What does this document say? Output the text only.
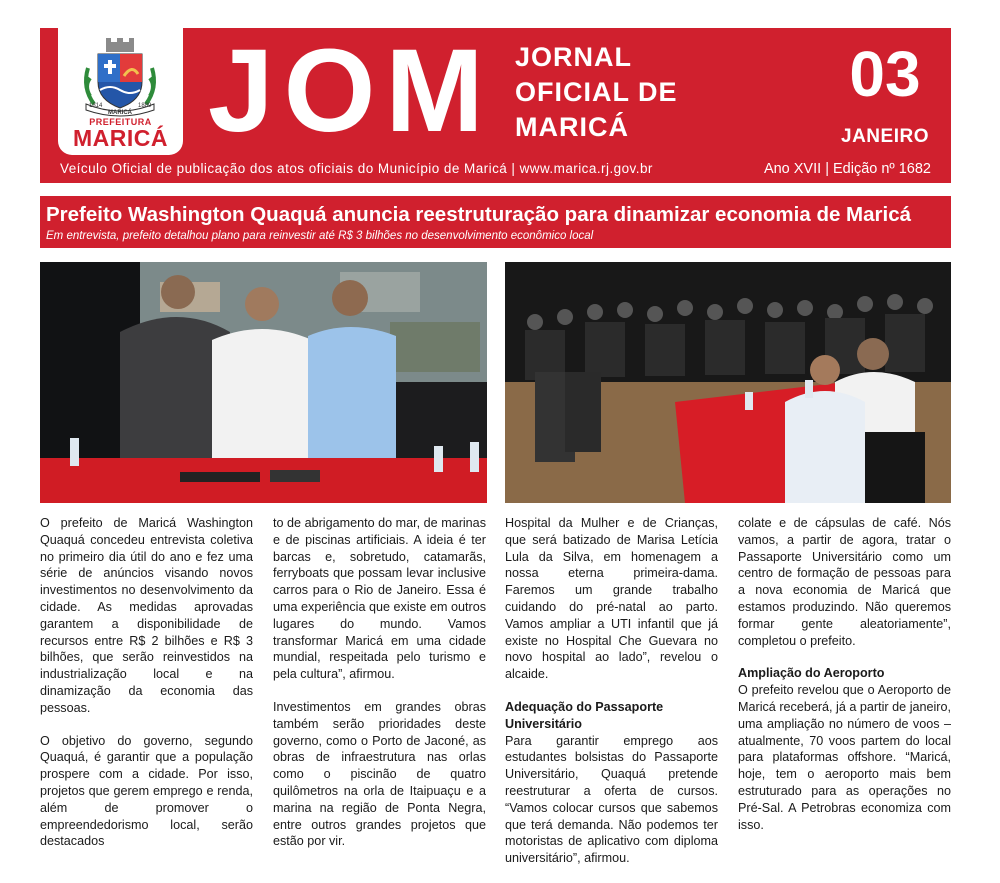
1814	1889
MARICÁ
PREFEITURA
MARICÁ JOM JORNAL
OFICIAL DE
MARICÁ
03
JANEIRO
Veículo Oficial de publicação dos atos oficiais do Município de Maricá | www.marica.rj.gov.br	Ano XVII | Edição nº 1682
Prefeito Washington Quaquá anuncia reestruturação para dinamizar economia de Maricá
Em entrevista, prefeito detalhou plano para reinvestir até R$ 3 bilhões no desenvolvimento econômico local

O prefeito de Maricá Washington Quaquá concedeu entrevista coletiva no primeiro dia útil do ano e fez uma série de anúncios visando novos investimentos no desenvolvimento da cidade. As medidas aprovadas garantem a disponibilidade de recursos entre R$ 2 bilhões e R$ 3 bilhões, que serão reinvestidos na industrialização local e na dinamização da economia das pessoas.

O objetivo do governo, segundo Quaquá, é garantir que a população prospere com a cidade. Por isso, projetos que gerem emprego e renda, além de promover o empreendedorismo local, serão destacados

to de abrigamento do mar, de marinas e de piscinas artificiais. A ideia é ter barcas e, sobretudo, catamarãs, ferryboats que possam levar inclusive carros para o Rio de Janeiro. Essa é uma experiência que existe em outros lugares do mundo. Vamos transformar Maricá em uma cidade mundial, respeitada pelo turismo e pela cultura”, afirmou.

Investimentos em grandes obras também serão prioridades deste governo, como o Porto de Jaconé, as obras de infraestrutura nas orlas como o piscinão de quatro quilômetros na orla de Itaipuaçu e a marina na região de Ponta Negra, entre outros grandes projetos que estão por vir.

Hospital da Mulher e de Crianças, que será batizado de Marisa Letícia Lula da Silva, em homenagem a nossa eterna primeira-dama. Faremos um grande trabalho cuidando do pré-natal ao parto. Vamos ampliar a UTI infantil que já existe no Hospital Che Guevara no novo hospital ao lado”, revelou o alcaide.

Adequação do Passaporte Universitário

Para garantir emprego aos estudantes bolsistas do Passaporte Universitário, Quaquá pretende reestruturar a oferta de cursos. “Vamos colocar cursos que sabemos que terá demanda. Não podemos ter motoristas de aplicativo com diploma universitário”, afirmou.

colate e de cápsulas de café. Nós vamos, a partir de agora, tratar o Passaporte Universitário como um centro de formação de pessoas para a nova economia de Maricá que estamos produzindo. Não queremos formar gente aleatoriamente”, completou o prefeito.

Ampliação do Aeroporto

O prefeito revelou que o Aeroporto de Maricá receberá, já a partir de janeiro, uma ampliação no número de voos – atualmente, 70 voos partem do local para plataformas offshore. “Maricá, hoje, tem o aeroporto mais bem estruturado para as operações no Pré-Sal. A Petrobras economiza com isso.
